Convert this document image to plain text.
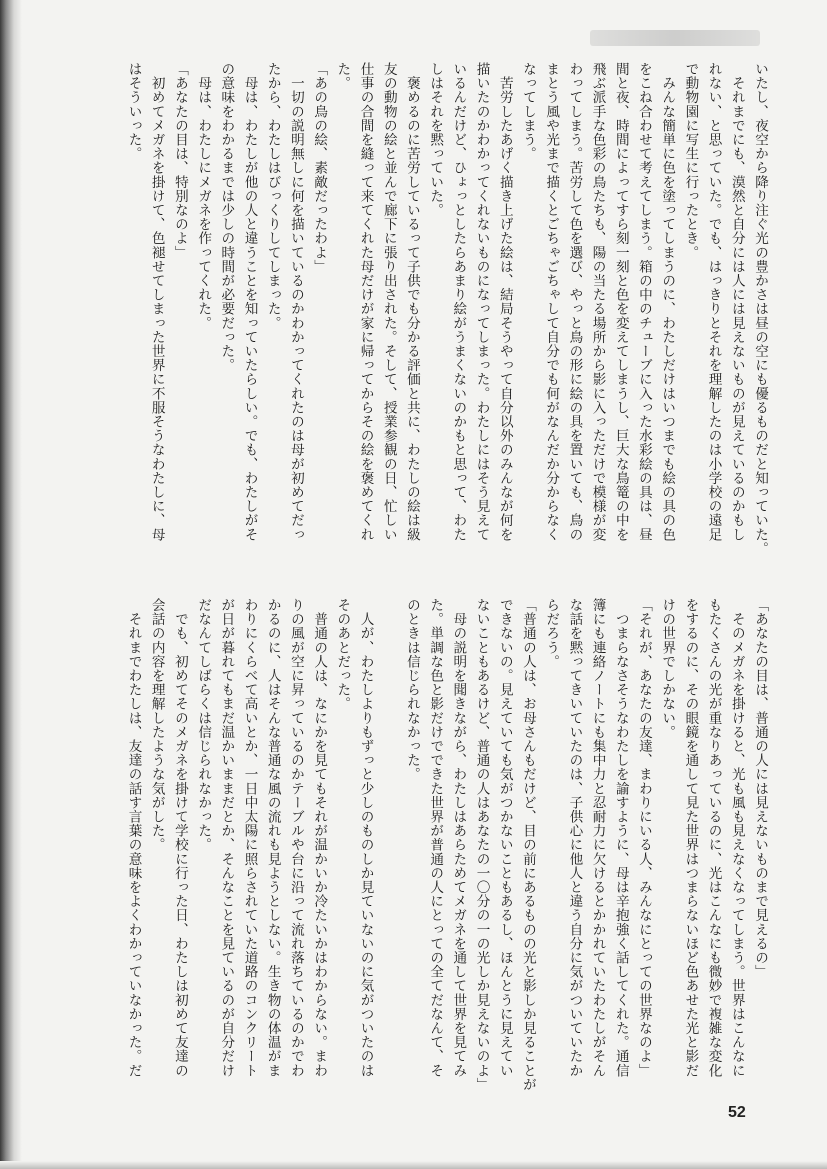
いたし、夜空から降り注ぐ光の豊かさは昼の空にも優るものだと知っていた。
　それまでにも、漠然と自分には人には見えないものが見えているのかもし
れない、と思っていた。でも、はっきりとそれを理解したのは小学校の遠足
で動物園に写生に行ったとき。
　みんな簡単に色を塗ってしまうのに、わたしだけはいつまでも絵の具の色
をこね合わせて考えてしまう。箱の中のチューブに入った水彩絵の具は、昼
間と夜、時間によってすら刻一刻と色を変えてしまうし、巨大な鳥篭の中を
飛ぶ派手な色彩の鳥たちも、陽の当たる場所から影に入っただけで模様が変
わってしまう。苦労して色を選び、やっと鳥の形に絵の具を置いても、鳥の
まとう風や光まで描くとごちゃごちゃして自分でも何がなんだか分からなく
なってしまう。
　苦労したあげく描き上げた絵は、結局そうやって自分以外のみんなが何を
描いたのかわかってくれないものになってしまった。わたしにはそう見えて
いるんだけど、ひょっとしたらあまり絵がうまくないのかもと思って、わた
しはそれを黙っていた。
　褒めるのに苦労しているって子供でも分かる評価と共に、わたしの絵は級
友の動物の絵と並んで廊下に張り出された。そして、授業参観の日、忙しい
仕事の合間を縫って来てくれた母だけが家に帰ってからその絵を褒めてくれ
た。
「あの鳥の絵、素敵だったわよ」
　一切の説明無しに何を描いているのかわかってくれたのは母が初めてだっ
たから、わたしはびっくりしてしまった。
　母は、わたしが他の人と違うことを知っていたらしい。でも、わたしがそ
の意味をわかるまでは少しの時間が必要だった。
　母は、わたしにメガネを作ってくれた。
「あなたの目は、特別なのよ」
　初めてメガネを掛けて、色褪せてしまった世界に不服そうなわたしに、母
はそういった。
「あなたの目は、普通の人には見えないものまで見えるの」
　そのメガネを掛けると、光も風も見えなくなってしまう。世界はこんなに
もたくさんの光が重なりあっているのに、光はこんなにも微妙で複雑な変化
をするのに、その眼鏡を通して見た世界はつまらないほど色あせた光と影だ
けの世界でしかない。
「それが、あなたの友達、まわりにいる人、みんなにとっての世界なのよ」
　つまらなさそうなわたしを諭すように、母は辛抱強く話してくれた。通信
簿にも連絡ノートにも集中力と忍耐力に欠けるとかかれていたわたしがそん
な話を黙ってきいていたのは、子供心に他人と違う自分に気がついていたか
らだろう。
「普通の人は、お母さんもだけど、目の前にあるものの光と影しか見ることが
できないの。見えていても気がつかないこともあるし、ほんとうに見えてい
ないこともあるけど、普通の人はあなたの一〇分の一の光しか見えないのよ」
　母の説明を聞きながら、わたしはあらためてメガネを通して世界を見てみ
た。単調な色と影だけでできた世界が普通の人にとっての全てだなんて、そ
のときは信じられなかった。

　人が、わたしよりもずっと少しのものしか見ていないのに気がついたのは
そのあとだった。
　普通の人は、なにかを見てもそれが温かいか冷たいかはわからない。まわ
りの風が空に昇っているのかテーブルや台に沿って流れ落ちているのかでわ
かるのに、人はそんな普通な風の流れも見ようとしない。生き物の体温がま
わりにくらべて高いとか、一日中太陽に照らされていた道路のコンクリート
が日が暮れてもまだ温かいままだとか、そんなことを見ているのが自分だけ
だなんてしばらくは信じられなかった。
　でも、初めてそのメガネを掛けて学校に行った日、わたしは初めて友達の
会話の内容を理解したような気がした。
　それまでわたしは、友達の話す言葉の意味をよくわかっていなかった。だ
52
